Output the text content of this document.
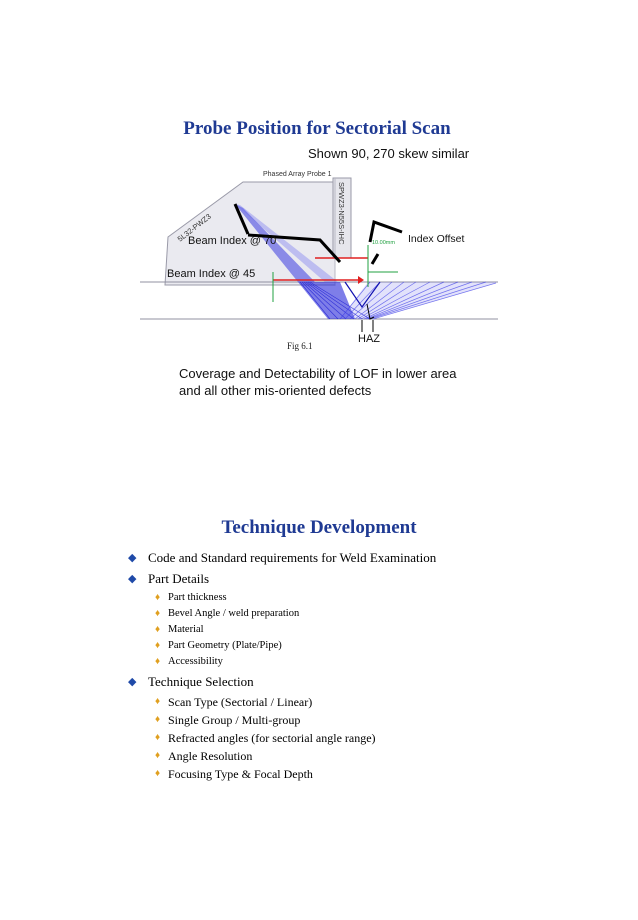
Probe Position for Sectorial Scan
Shown 90, 270 skew similar
Phased Array Probe 1
SPWZ3-N55S-IHC
5L32-PWZ3
Beam Index @ 70
Beam Index @ 45
Index Offset
10.00mm
HAZ
Fig 6.1
Coverage and Detectability of LOF in lower area and all other mis-oriented defects
Technique Development
◆ Code and Standard requirements for Weld Examination
◆ Part Details
♦ Part thickness
♦ Bevel Angle / weld preparation
♦ Material
♦ Part Geometry (Plate/Pipe)
♦ Accessibility
◆ Technique Selection
♦ Scan Type (Sectorial / Linear)
♦ Single Group / Multi-group
♦ Refracted angles (for sectorial angle range)
♦ Angle Resolution
♦ Focusing Type & Focal Depth
